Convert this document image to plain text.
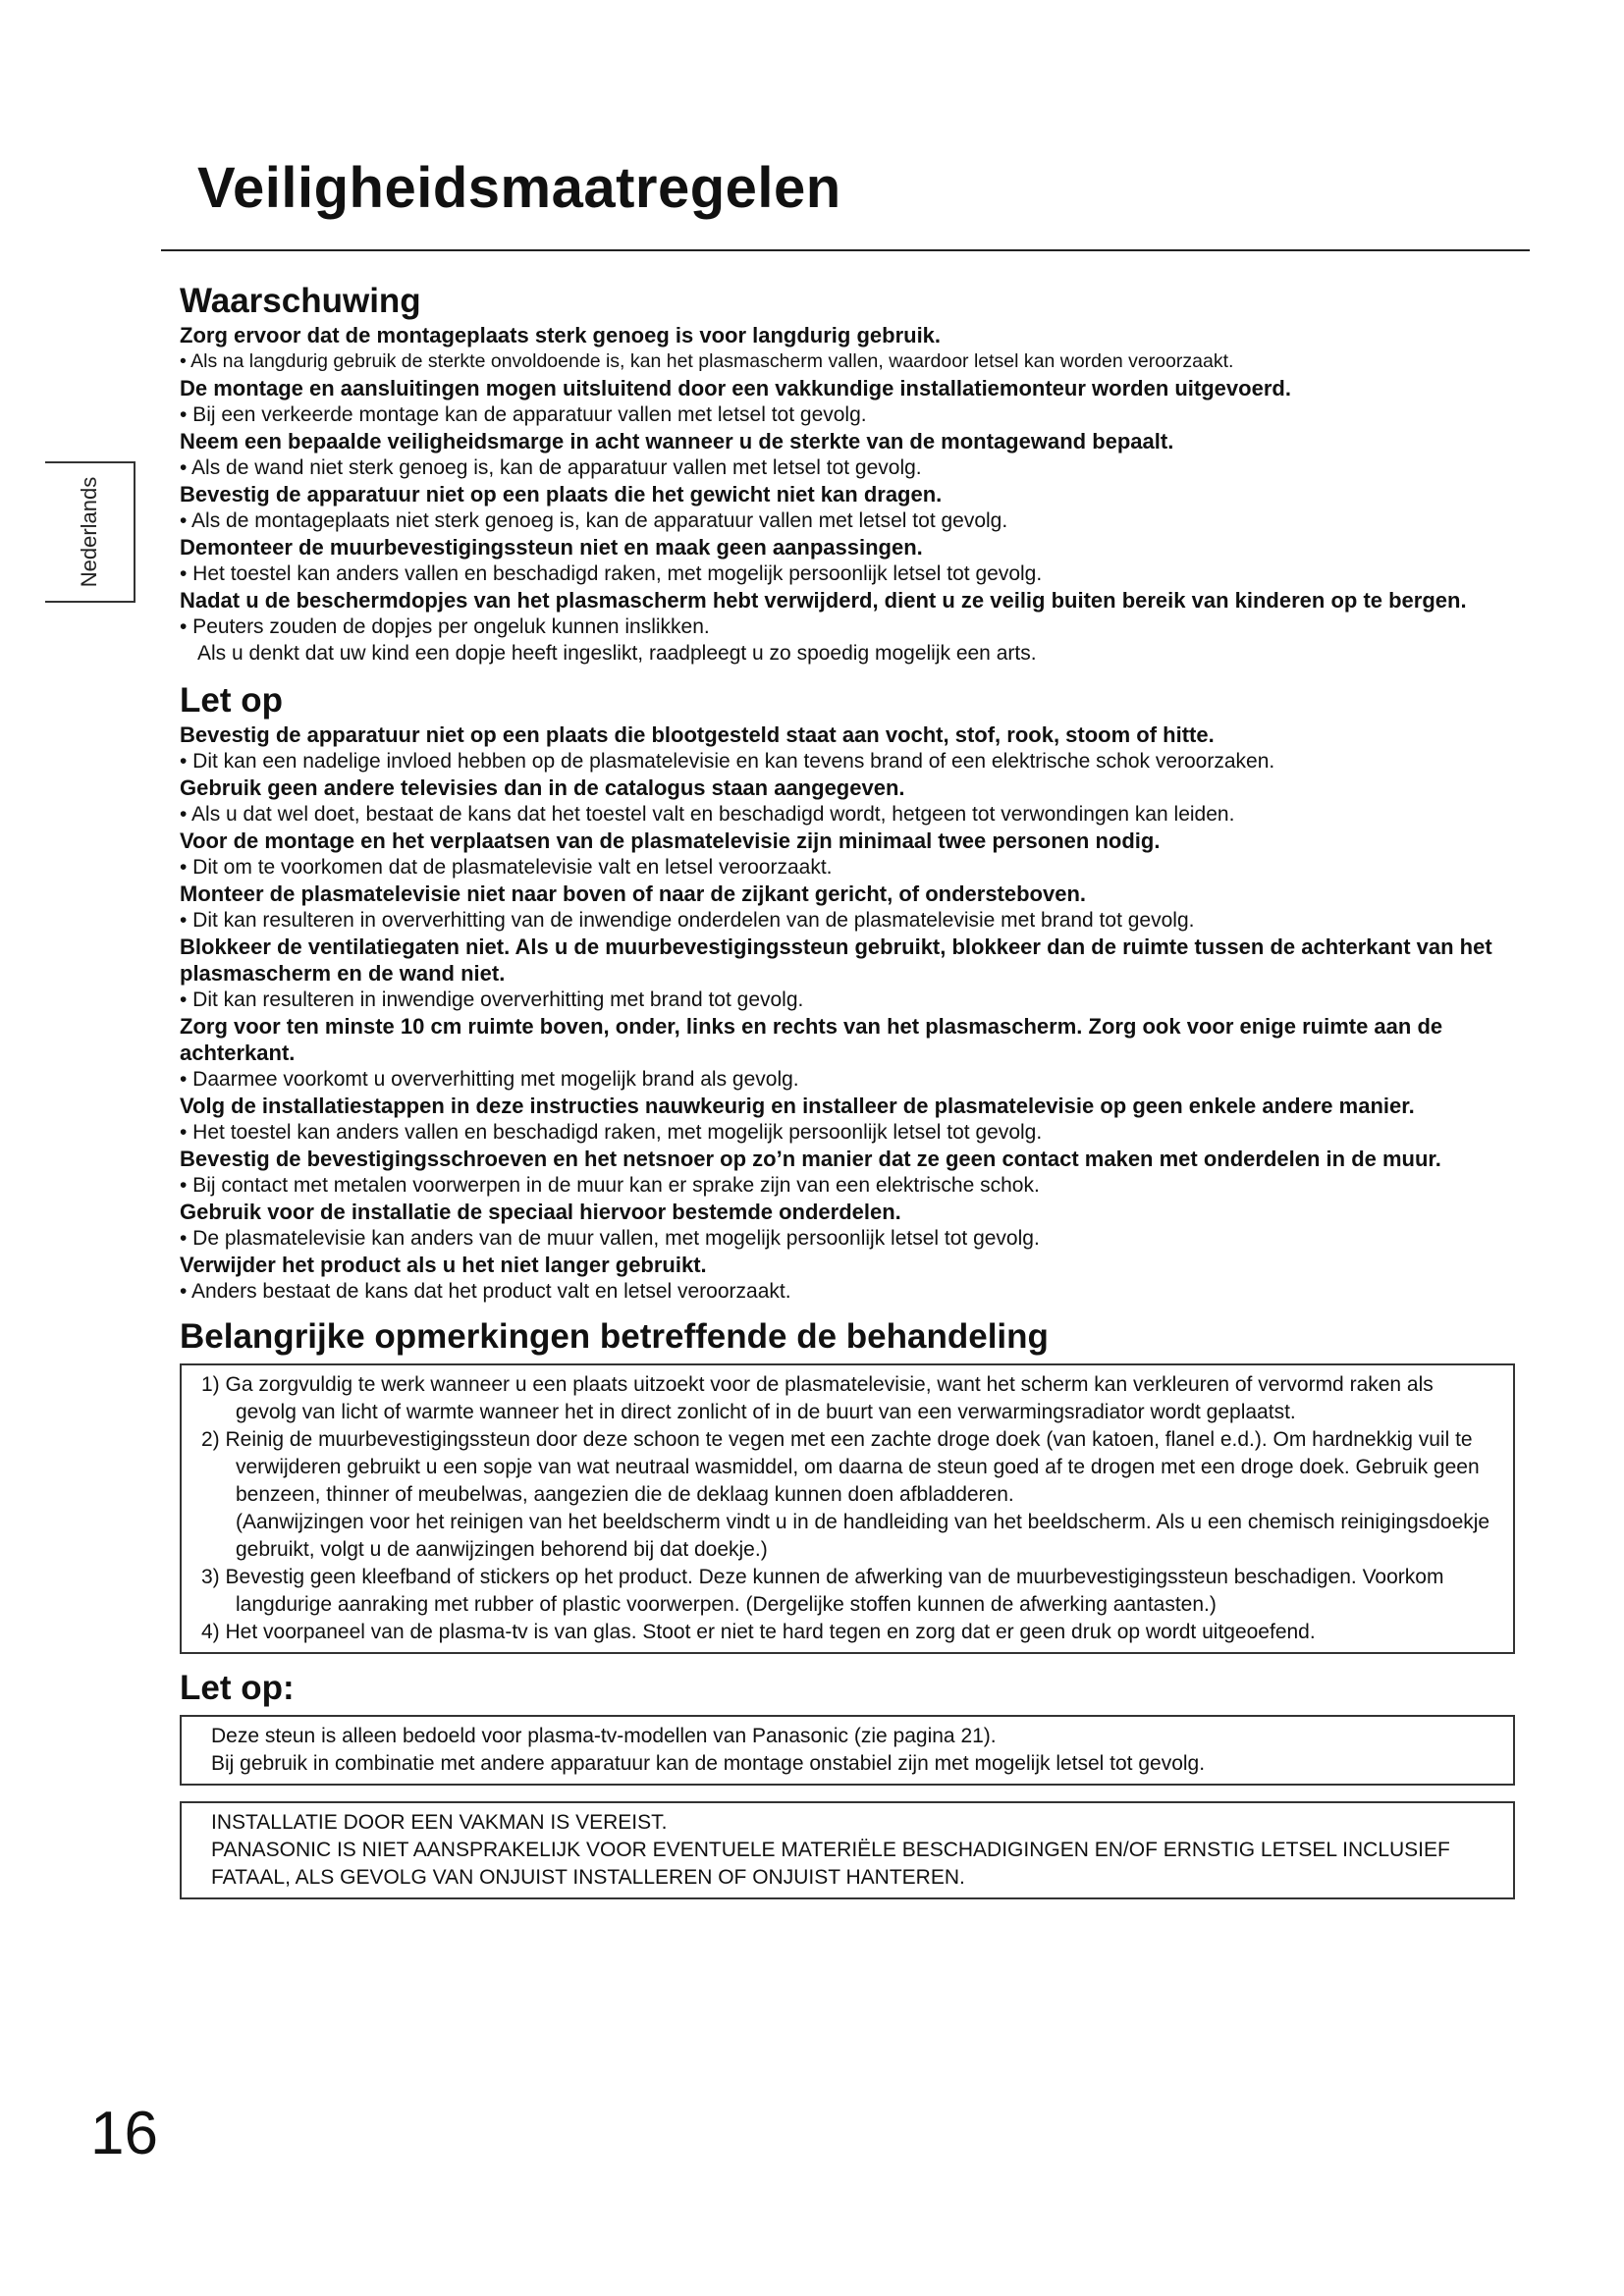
Veiligheidsmaatregelen
Nederlands
16
Waarschuwing
Zorg ervoor dat de montageplaats sterk genoeg is voor langdurig gebruik.
• Als na langdurig gebruik de sterkte onvoldoende is, kan het plasmascherm vallen, waardoor letsel kan worden veroorzaakt.
De montage en aansluitingen mogen uitsluitend door een vakkundige installatiemonteur worden uitgevoerd.
• Bij een verkeerde montage kan de apparatuur vallen met letsel tot gevolg.
Neem een bepaalde veiligheidsmarge in acht wanneer u de sterkte van de montagewand bepaalt.
• Als de wand niet sterk genoeg is, kan de apparatuur vallen met letsel tot gevolg.
Bevestig de apparatuur niet op een plaats die het gewicht niet kan dragen.
• Als de montageplaats niet sterk genoeg is, kan de apparatuur vallen met letsel tot gevolg.
Demonteer de muurbevestigingssteun niet en maak geen aanpassingen.
• Het toestel kan anders vallen en beschadigd raken, met mogelijk persoonlijk letsel tot gevolg.
Nadat u de beschermdopjes van het plasmascherm hebt verwijderd, dient u ze veilig buiten bereik van kinderen op te bergen.
• Peuters zouden de dopjes per ongeluk kunnen inslikken.
Als u denkt dat uw kind een dopje heeft ingeslikt, raadpleegt u zo spoedig mogelijk een arts.
Let op
Bevestig de apparatuur niet op een plaats die blootgesteld staat aan vocht, stof, rook, stoom of hitte.
• Dit kan een nadelige invloed hebben op de plasmatelevisie en kan tevens brand of een elektrische schok veroorzaken.
Gebruik geen andere televisies dan in de catalogus staan aangegeven.
• Als u dat wel doet, bestaat de kans dat het toestel valt en beschadigd wordt, hetgeen tot verwondingen kan leiden.
Voor de montage en het verplaatsen van de plasmatelevisie zijn minimaal twee personen nodig.
• Dit om te voorkomen dat de plasmatelevisie valt en letsel veroorzaakt.
Monteer de plasmatelevisie niet naar boven of naar de zijkant gericht, of ondersteboven.
• Dit kan resulteren in oververhitting van de inwendige onderdelen van de plasmatelevisie met brand tot gevolg.
Blokkeer de ventilatiegaten niet. Als u de muurbevestigingssteun gebruikt, blokkeer dan de ruimte tussen de achterkant van het plasmascherm en de wand niet.
• Dit kan resulteren in inwendige oververhitting met brand tot gevolg.
Zorg voor ten minste 10 cm ruimte boven, onder, links en rechts van het plasmascherm. Zorg ook voor enige ruimte aan de achterkant.
• Daarmee voorkomt u oververhitting met mogelijk brand als gevolg.
Volg de installatiestappen in deze instructies nauwkeurig en installeer de plasmatelevisie op geen enkele andere manier.
• Het toestel kan anders vallen en beschadigd raken, met mogelijk persoonlijk letsel tot gevolg.
Bevestig de bevestigingsschroeven en het netsnoer op zo’n manier dat ze geen contact maken met onderdelen in de muur.
• Bij contact met metalen voorwerpen in de muur kan er sprake zijn van een elektrische schok.
Gebruik voor de installatie de speciaal hiervoor bestemde onderdelen.
• De plasmatelevisie kan anders van de muur vallen, met mogelijk persoonlijk letsel tot gevolg.
Verwijder het product als u het niet langer gebruikt.
• Anders bestaat de kans dat het product valt en letsel veroorzaakt.
Belangrijke opmerkingen betreffende de behandeling
1) Ga zorgvuldig te werk wanneer u een plaats uitzoekt voor de plasmatelevisie, want het scherm kan verkleuren of vervormd raken als gevolg van licht of warmte wanneer het in direct zonlicht of in de buurt van een verwarmingsradiator wordt geplaatst.
2) Reinig de muurbevestigingssteun door deze schoon te vegen met een zachte droge doek (van katoen, flanel e.d.). Om hardnekkig vuil te verwijderen gebruikt u een sopje van wat neutraal wasmiddel, om daarna de steun goed af te drogen met een droge doek. Gebruik geen benzeen, thinner of meubelwas, aangezien die de deklaag kunnen doen afbladderen.
(Aanwijzingen voor het reinigen van het beeldscherm vindt u in de handleiding van het beeldscherm. Als u een chemisch reinigingsdoekje gebruikt, volgt u de aanwijzingen behorend bij dat doekje.)
3) Bevestig geen kleefband of stickers op het product. Deze kunnen de afwerking van de muurbevestigingssteun beschadigen. Voorkom langdurige aanraking met rubber of plastic voorwerpen. (Dergelijke stoffen kunnen de afwerking aantasten.)
4) Het voorpaneel van de plasma-tv is van glas. Stoot er niet te hard tegen en zorg dat er geen druk op wordt uitgeoefend.
Let op:
Deze steun is alleen bedoeld voor plasma-tv-modellen van Panasonic (zie pagina 21).
Bij gebruik in combinatie met andere apparatuur kan de montage onstabiel zijn met mogelijk letsel tot gevolg.
INSTALLATIE DOOR EEN VAKMAN IS VEREIST.
PANASONIC IS NIET AANSPRAKELIJK VOOR EVENTUELE MATERIËLE BESCHADIGINGEN EN/OF ERNSTIG LETSEL INCLUSIEF FATAAL, ALS GEVOLG VAN ONJUIST INSTALLEREN OF ONJUIST HANTEREN.
